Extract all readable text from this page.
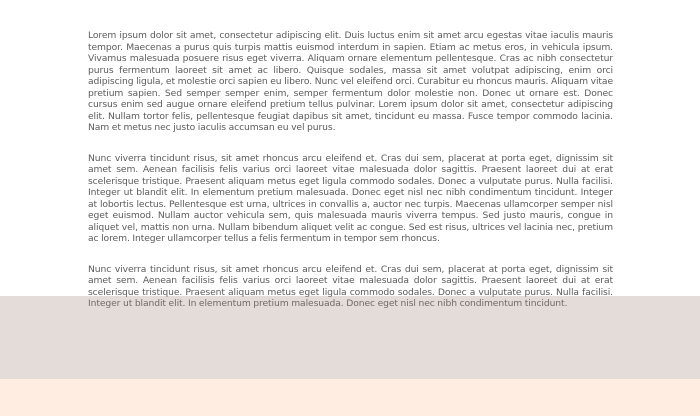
Lorem ipsum dolor sit amet, consectetur adipiscing elit. Duis luctus enim sit amet arcu egestas vitae iaculis mauris tempor. Maecenas a purus quis turpis mattis euismod interdum in sapien. Etiam ac metus eros, in vehicula ipsum. Vivamus malesuada posuere risus eget viverra. Aliquam ornare elementum pellentesque. Cras ac nibh consectetur purus fermentum laoreet sit amet ac libero. Quisque sodales, massa sit amet volutpat adipiscing, enim orci adipiscing ligula, et molestie orci sapien eu libero. Nunc vel eleifend orci. Curabitur eu rhoncus mauris. Aliquam vitae pretium sapien. Sed semper semper enim, semper fermentum dolor molestie non. Donec ut ornare est. Donec cursus enim sed augue ornare eleifend pretium tellus pulvinar. Lorem ipsum dolor sit amet, consectetur adipiscing elit. Nullam tortor felis, pellentesque feugiat dapibus sit amet, tincidunt eu massa. Fusce tempor commodo lacinia. Nam et metus nec justo iaculis accumsan eu vel purus.

Nunc viverra tincidunt risus, sit amet rhoncus arcu eleifend et. Cras dui sem, placerat at porta eget, dignissim sit amet sem. Aenean facilisis felis varius orci laoreet vitae malesuada dolor sagittis. Praesent laoreet dui at erat scelerisque tristique. Praesent aliquam metus eget ligula commodo sodales. Donec a vulputate purus. Nulla facilisi. Integer ut blandit elit. In elementum pretium malesuada. Donec eget nisl nec nibh condimentum tincidunt. Integer at lobortis lectus. Pellentesque est urna, ultrices in convallis a, auctor nec turpis. Maecenas ullamcorper semper nisl eget euismod. Nullam auctor vehicula sem, quis malesuada mauris viverra tempus. Sed justo mauris, congue in aliquet vel, mattis non urna. Nullam bibendum aliquet velit ac congue. Sed est risus, ultrices vel lacinia nec, pretium ac lorem. Integer ullamcorper tellus a felis fermentum in tempor sem rhoncus.

Nunc viverra tincidunt risus, sit amet rhoncus arcu eleifend et. Cras dui sem, placerat at porta eget, dignissim sit amet sem. Aenean facilisis felis varius orci laoreet vitae malesuada dolor sagittis. Praesent laoreet dui at erat scelerisque tristique. Praesent aliquam metus eget ligula commodo sodales. Donec a vulputate purus. Nulla facilisi. Integer ut blandit elit. In elementum pretium malesuada. Donec eget nisl nec nibh condimentum tincidunt.
